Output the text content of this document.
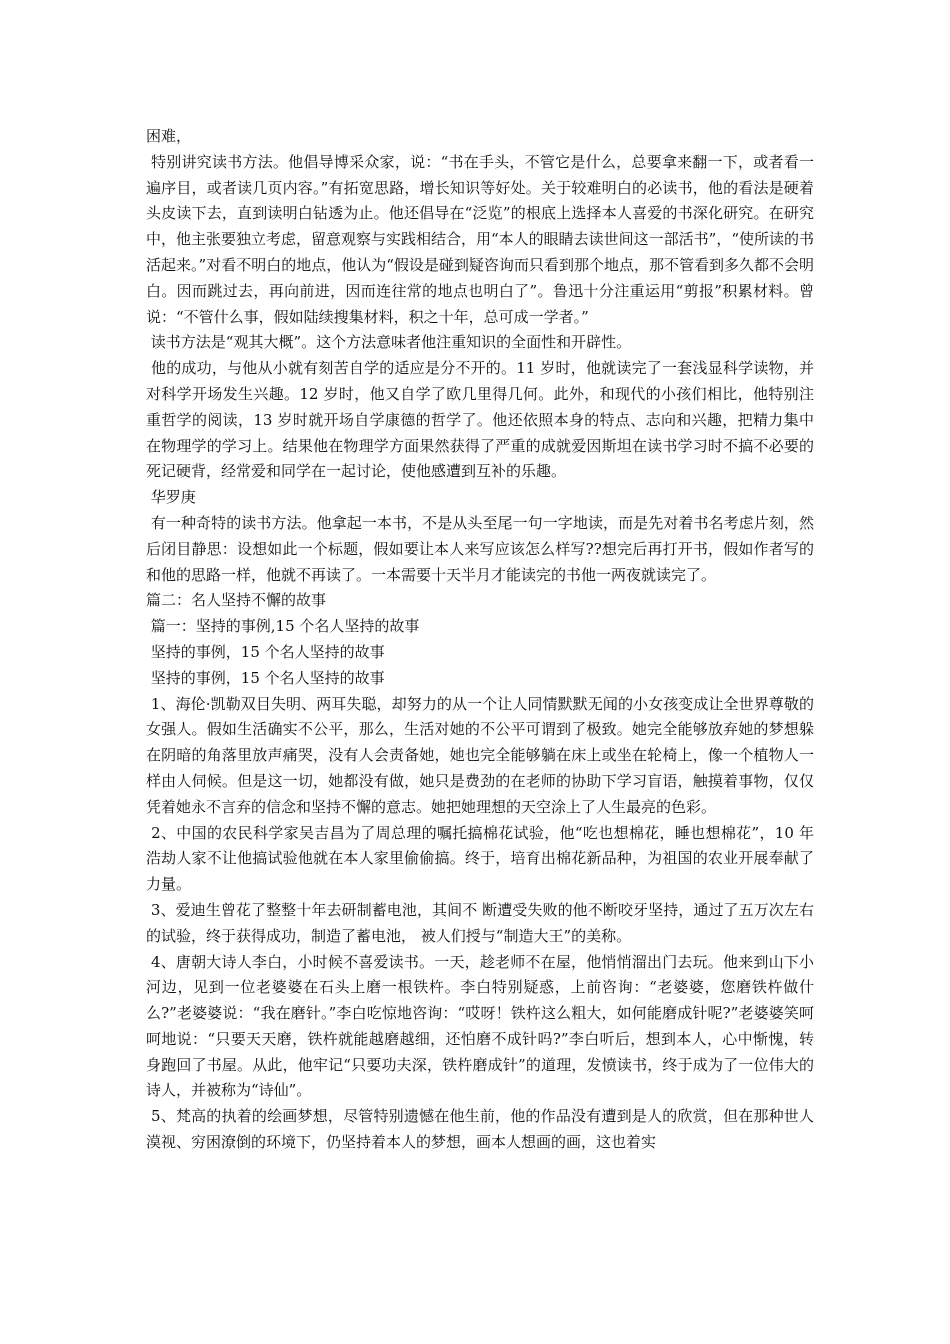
困难，

特别讲究读书方法。他倡导博采众家，说：“书在手头，不管它是什么，总要拿来翻一下，或者看一遍序目，或者读几页内容。”有拓宽思路，增长知识等好处。关于较难明白的必读书，他的看法是硬着头皮读下去，直到读明白钻透为止。他还倡导在“泛览”的根底上选择本人喜爱的书深化研究。在研究中，他主张要独立考虑，留意观察与实践相结合，用“本人的眼睛去读世间这一部活书”，“使所读的书活起来。”对看不明白的地点，他认为“假设是碰到疑咨询而只看到那个地点，那不管看到多久都不会明白。因而跳过去，再向前进，因而连往常的地点也明白了”。鲁迅十分注重运用“剪报”积累材料。曾说：“不管什么事，假如陆续搜集材料，积之十年，总可成一学者。”

读书方法是“观其大概”。这个方法意味者他注重知识的全面性和开辟性。

他的成功，与他从小就有刻苦自学的适应是分不开的。11 岁时，他就读完了一套浅显科学读物，并对科学开场发生兴趣。12 岁时，他又自学了欧几里得几何。此外，和现代的小孩们相比，他特别注重哲学的阅读，13 岁时就开场自学康德的哲学了。他还依照本身的特点、志向和兴趣，把精力集中在物理学的学习上。结果他在物理学方面果然获得了严重的成就爱因斯坦在读书学习时不搞不必要的死记硬背，经常爱和同学在一起讨论，使他感遭到互补的乐趣。

华罗庚

有一种奇特的读书方法。他拿起一本书，不是从头至尾一句一字地读，而是先对着书名考虑片刻，然后闭目静思：设想如此一个标题，假如要让本人来写应该怎么样写??想完后再打开书，假如作者写的和他的思路一样，他就不再读了。一本需要十天半月才能读完的书他一两夜就读完了。

篇二：名人坚持不懈的故事

篇一：坚持的事例,15 个名人坚持的故事

坚持的事例，15 个名人坚持的故事

坚持的事例，15 个名人坚持的故事

1、海伦·凯勒双目失明、两耳失聪，却努力的从一个让人同情默默无闻的小女孩变成让全世界尊敬的女强人。假如生活确实不公平，那么，生活对她的不公平可谓到了极致。她完全能够放弃她的梦想躲在阴暗的角落里放声痛哭，没有人会责备她，她也完全能够躺在床上或坐在轮椅上，像一个植物人一样由人伺候。但是这一切，她都没有做，她只是费劲的在老师的协助下学习盲语，触摸着事物，仅仅凭着她永不言弃的信念和坚持不懈的意志。她把她理想的天空涂上了人生最亮的色彩。

2、中国的农民科学家吴吉昌为了周总理的嘱托搞棉花试验，他“吃也想棉花，睡也想棉花”，10 年浩劫人家不让他搞试验他就在本人家里偷偷搞。终于，培育出棉花新品种，为祖国的农业开展奉献了力量。

3、爱迪生曾花了整整十年去研制蓄电池，其间不 断遭受失败的他不断咬牙坚持，通过了五万次左右的试验，终于获得成功，制造了蓄电池， 被人们授与“制造大王”的美称。

4、唐朝大诗人李白，小时候不喜爱读书。一天，趁老师不在屋，他悄悄溜出门去玩。他来到山下小河边，见到一位老婆婆在石头上磨一根铁杵。李白特别疑惑，上前咨询：“老婆婆，您磨铁杵做什么?”老婆婆说：“我在磨针。”李白吃惊地咨询：“哎呀！铁杵这么粗大，如何能磨成针呢?”老婆婆笑呵呵地说：“只要天天磨，铁杵就能越磨越细，还怕磨不成针吗?”李白听后，想到本人，心中惭愧，转身跑回了书屋。从此，他牢记“只要功夫深，铁杵磨成针”的道理，发愤读书，终于成为了一位伟大的诗人，并被称为“诗仙”。

5、梵高的执着的绘画梦想，尽管特别遗憾在他生前，他的作品没有遭到是人的欣赏，但在那种世人漠视、穷困潦倒的环境下，仍坚持着本人的梦想，画本人想画的画，这也着实
